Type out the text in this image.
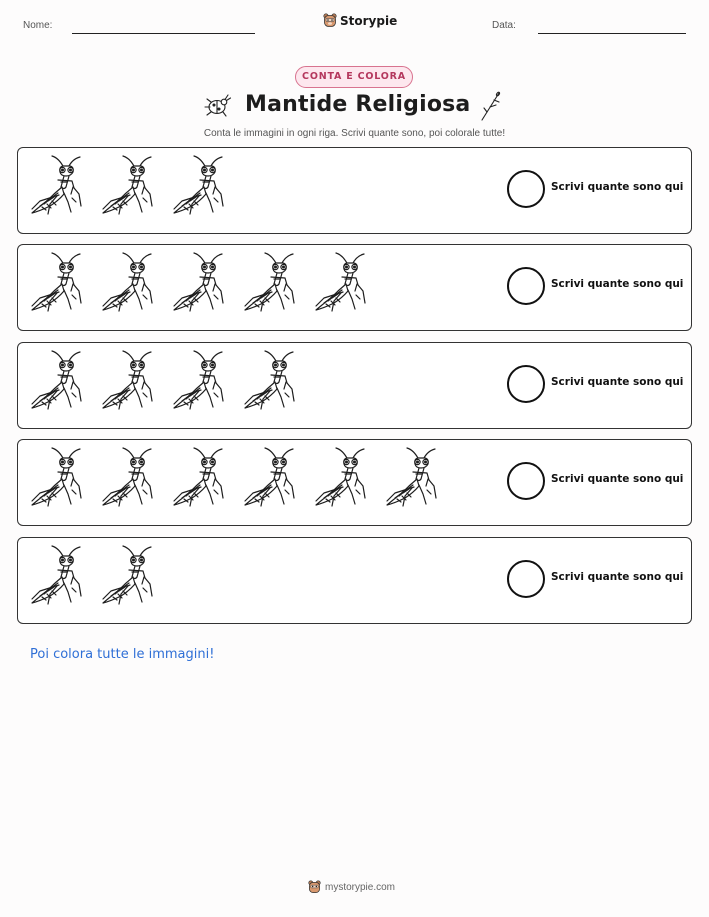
Nome:	Storypie	Data:
CONTA E COLORA
Mantide Religiosa
Conta le immagini in ogni riga. Scrivi quante sono, poi colorale tutte!
Scrivi quante sono qui
Scrivi quante sono qui
Scrivi quante sono qui
Scrivi quante sono qui
Scrivi quante sono qui
Poi colora tutte le immagini!
mystorypie.com
